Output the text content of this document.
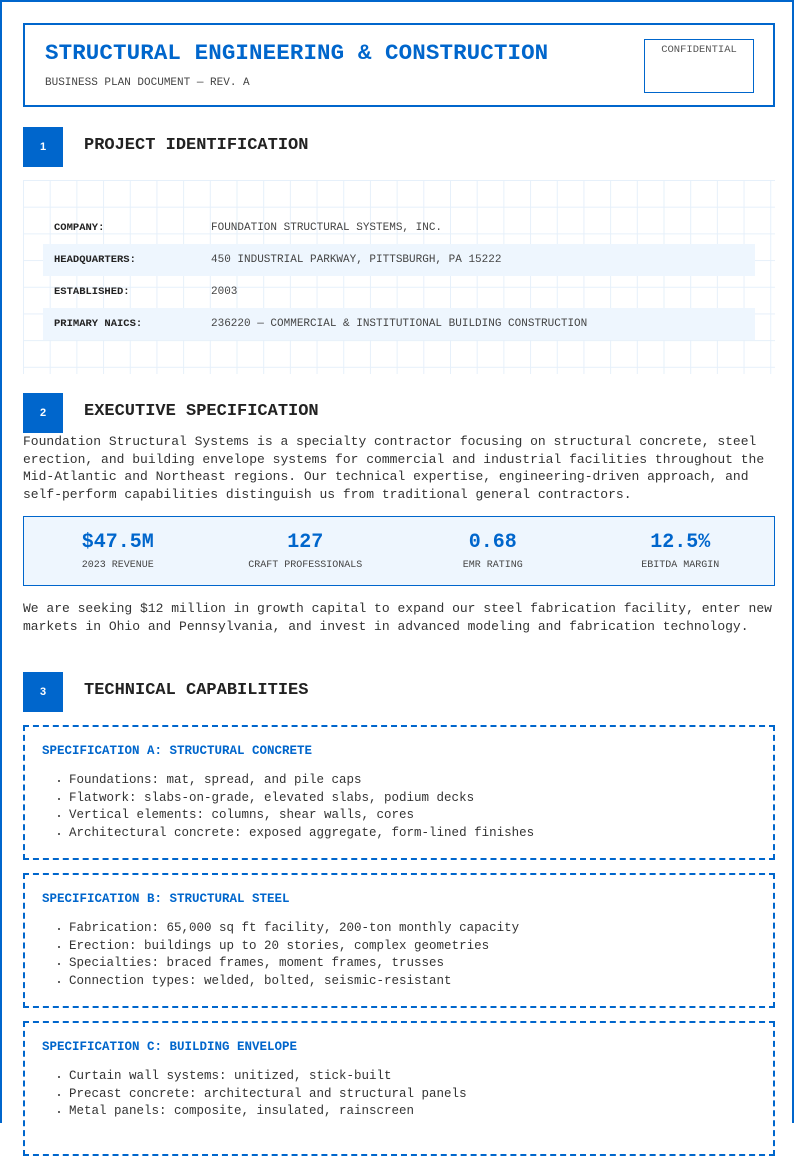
STRUCTURAL ENGINEERING & CONSTRUCTION
BUSINESS PLAN DOCUMENT — REV. A
CONFIDENTIAL
1	PROJECT IDENTIFICATION
COMPANY:	FOUNDATION STRUCTURAL SYSTEMS, INC.
HEADQUARTERS:	450 INDUSTRIAL PARKWAY, PITTSBURGH, PA 15222
ESTABLISHED:	2003
PRIMARY NAICS:	236220 — COMMERCIAL & INSTITUTIONAL BUILDING CONSTRUCTION
2	EXECUTIVE SPECIFICATION
Foundation Structural Systems is a specialty contractor focusing on structural concrete, steel erection, and building envelope systems for commercial and industrial facilities throughout the Mid-Atlantic and Northeast regions. Our technical expertise, engineering-driven approach, and self-perform capabilities distinguish us from traditional general contractors.
$47.5M
2023 REVENUE
127
CRAFT PROFESSIONALS
0.68
EMR RATING
12.5%
EBITDA MARGIN
We are seeking $12 million in growth capital to expand our steel fabrication facility, enter new markets in Ohio and Pennsylvania, and invest in advanced modeling and fabrication technology.
3	TECHNICAL CAPABILITIES
SPECIFICATION A: STRUCTURAL CONCRETE
• Foundations: mat, spread, and pile caps
• Flatwork: slabs-on-grade, elevated slabs, podium decks
• Vertical elements: columns, shear walls, cores
• Architectural concrete: exposed aggregate, form-lined finishes
SPECIFICATION B: STRUCTURAL STEEL
• Fabrication: 65,000 sq ft facility, 200-ton monthly capacity
• Erection: buildings up to 20 stories, complex geometries
• Specialties: braced frames, moment frames, trusses
• Connection types: welded, bolted, seismic-resistant
SPECIFICATION C: BUILDING ENVELOPE
• Curtain wall systems: unitized, stick-built
• Precast concrete: architectural and structural panels
• Metal panels: composite, insulated, rainscreen
